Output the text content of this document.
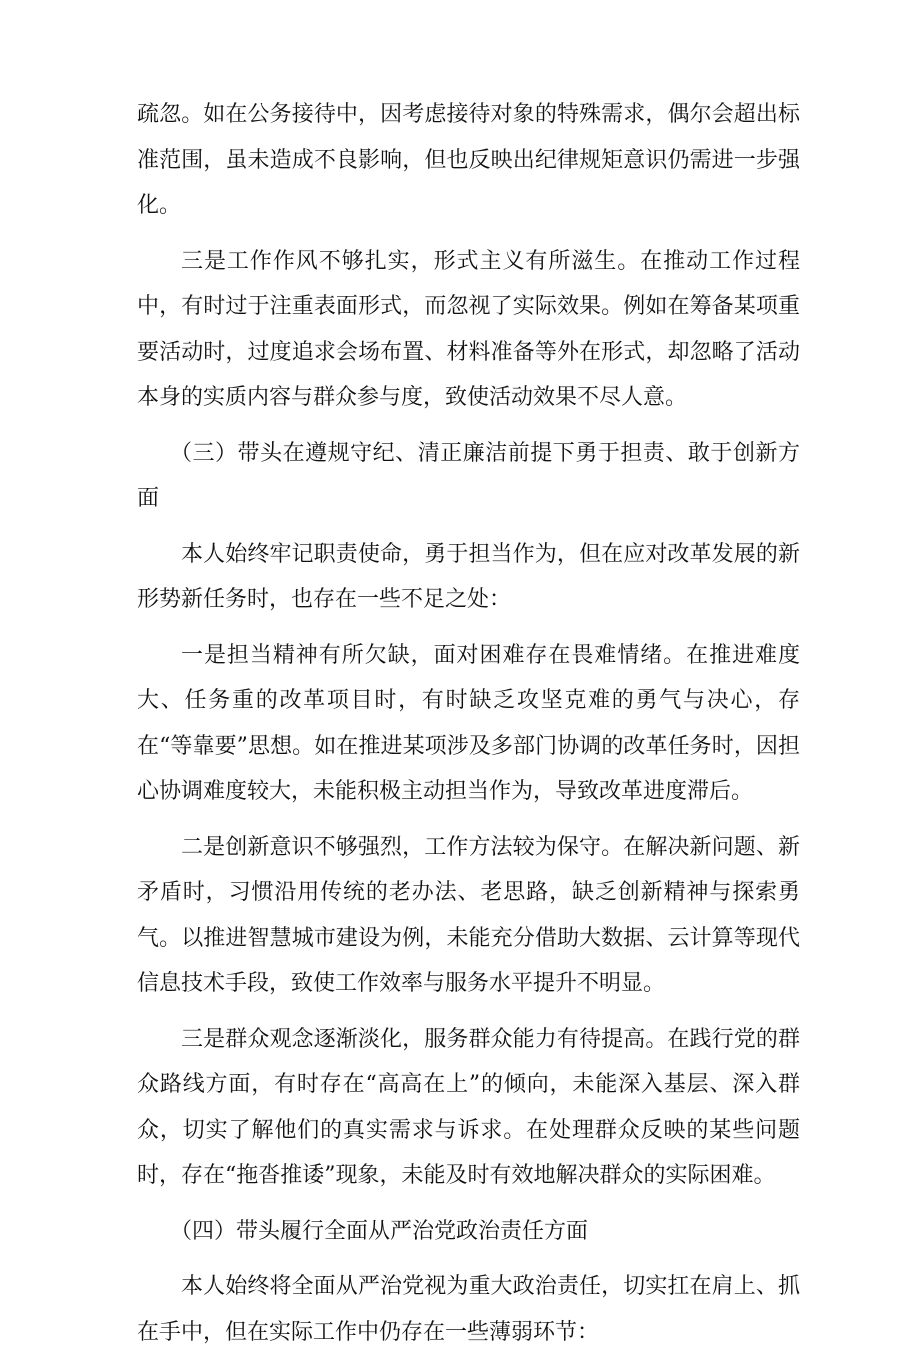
疏忽。如在公务接待中，因考虑接待对象的特殊需求，偶尔会超出标准范围，虽未造成不良影响，但也反映出纪律规矩意识仍需进一步强化。

三是工作作风不够扎实，形式主义有所滋生。在推动工作过程中，有时过于注重表面形式，而忽视了实际效果。例如在筹备某项重要活动时，过度追求会场布置、材料准备等外在形式，却忽略了活动本身的实质内容与群众参与度，致使活动效果不尽人意。

（三）带头在遵规守纪、清正廉洁前提下勇于担责、敢于创新方面

本人始终牢记职责使命，勇于担当作为，但在应对改革发展的新形势新任务时，也存在一些不足之处：

一是担当精神有所欠缺，面对困难存在畏难情绪。在推进难度大、任务重的改革项目时，有时缺乏攻坚克难的勇气与决心，存在“等靠要”思想。如在推进某项涉及多部门协调的改革任务时，因担心协调难度较大，未能积极主动担当作为，导致改革进度滞后。

二是创新意识不够强烈，工作方法较为保守。在解决新问题、新矛盾时，习惯沿用传统的老办法、老思路，缺乏创新精神与探索勇气。以推进智慧城市建设为例，未能充分借助大数据、云计算等现代信息技术手段，致使工作效率与服务水平提升不明显。

三是群众观念逐渐淡化，服务群众能力有待提高。在践行党的群众路线方面，有时存在“高高在上”的倾向，未能深入基层、深入群众，切实了解他们的真实需求与诉求。在处理群众反映的某些问题时，存在“拖沓推诿”现象，未能及时有效地解决群众的实际困难。

（四）带头履行全面从严治党政治责任方面

本人始终将全面从严治党视为重大政治责任，切实扛在肩上、抓在手中，但在实际工作中仍存在一些薄弱环节：
